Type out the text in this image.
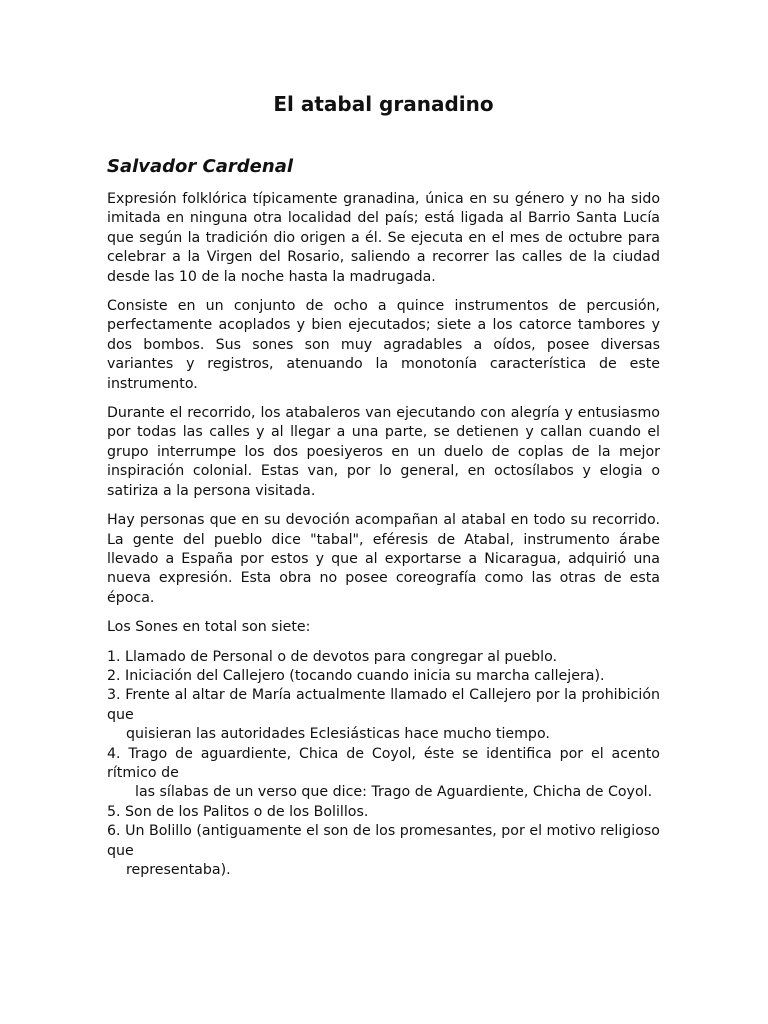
El atabal granadino
Salvador Cardenal

Expresión folklórica típicamente granadina, única en su género y no ha sido imitada en ninguna otra localidad del país; está ligada al Barrio Santa Lucía que según la tradición dio origen a él. Se ejecuta en el mes de octubre para celebrar a la Virgen del Rosario, saliendo a recorrer las calles de la ciudad desde las 10 de la noche hasta la madrugada.

Consiste en un conjunto de ocho a quince instrumentos de percusión, perfectamente acoplados y bien ejecutados; siete a los catorce tambores y dos bombos. Sus sones son muy agradables a oídos, posee diversas variantes y registros, atenuando la monotonía característica de este instrumento.

Durante el recorrido, los atabaleros van ejecutando con alegría y entusiasmo por todas las calles y al llegar a una parte, se detienen y callan cuando el grupo interrumpe los dos poesiyeros en un duelo de coplas de la mejor inspiración colonial. Estas van, por lo general, en octosílabos y elogia o satiriza a la persona visitada.

Hay personas que en su devoción acompañan al atabal en todo su recorrido. La gente del pueblo dice "tabal", eféresis de Atabal, instrumento árabe llevado a España por estos y que al exportarse a Nicaragua, adquirió una nueva expresión. Esta obra no posee coreografía como las otras de esta época.

Los Sones en total son siete:

1. Llamado de Personal o de devotos para congregar al pueblo.
2. Iniciación del Callejero (tocando cuando inicia su marcha callejera).
3. Frente al altar de María actualmente llamado el Callejero por la prohibición que
quisieran las autoridades Eclesiásticas hace mucho tiempo.
4. Trago de aguardiente, Chica de Coyol, éste se identifica por el acento rítmico de
las sílabas de un verso que dice: Trago de Aguardiente, Chicha de Coyol.
5. Son de los Palitos o de los Bolillos.
6. Un Bolillo (antiguamente el son de los promesantes, por el motivo religioso que
representaba).
